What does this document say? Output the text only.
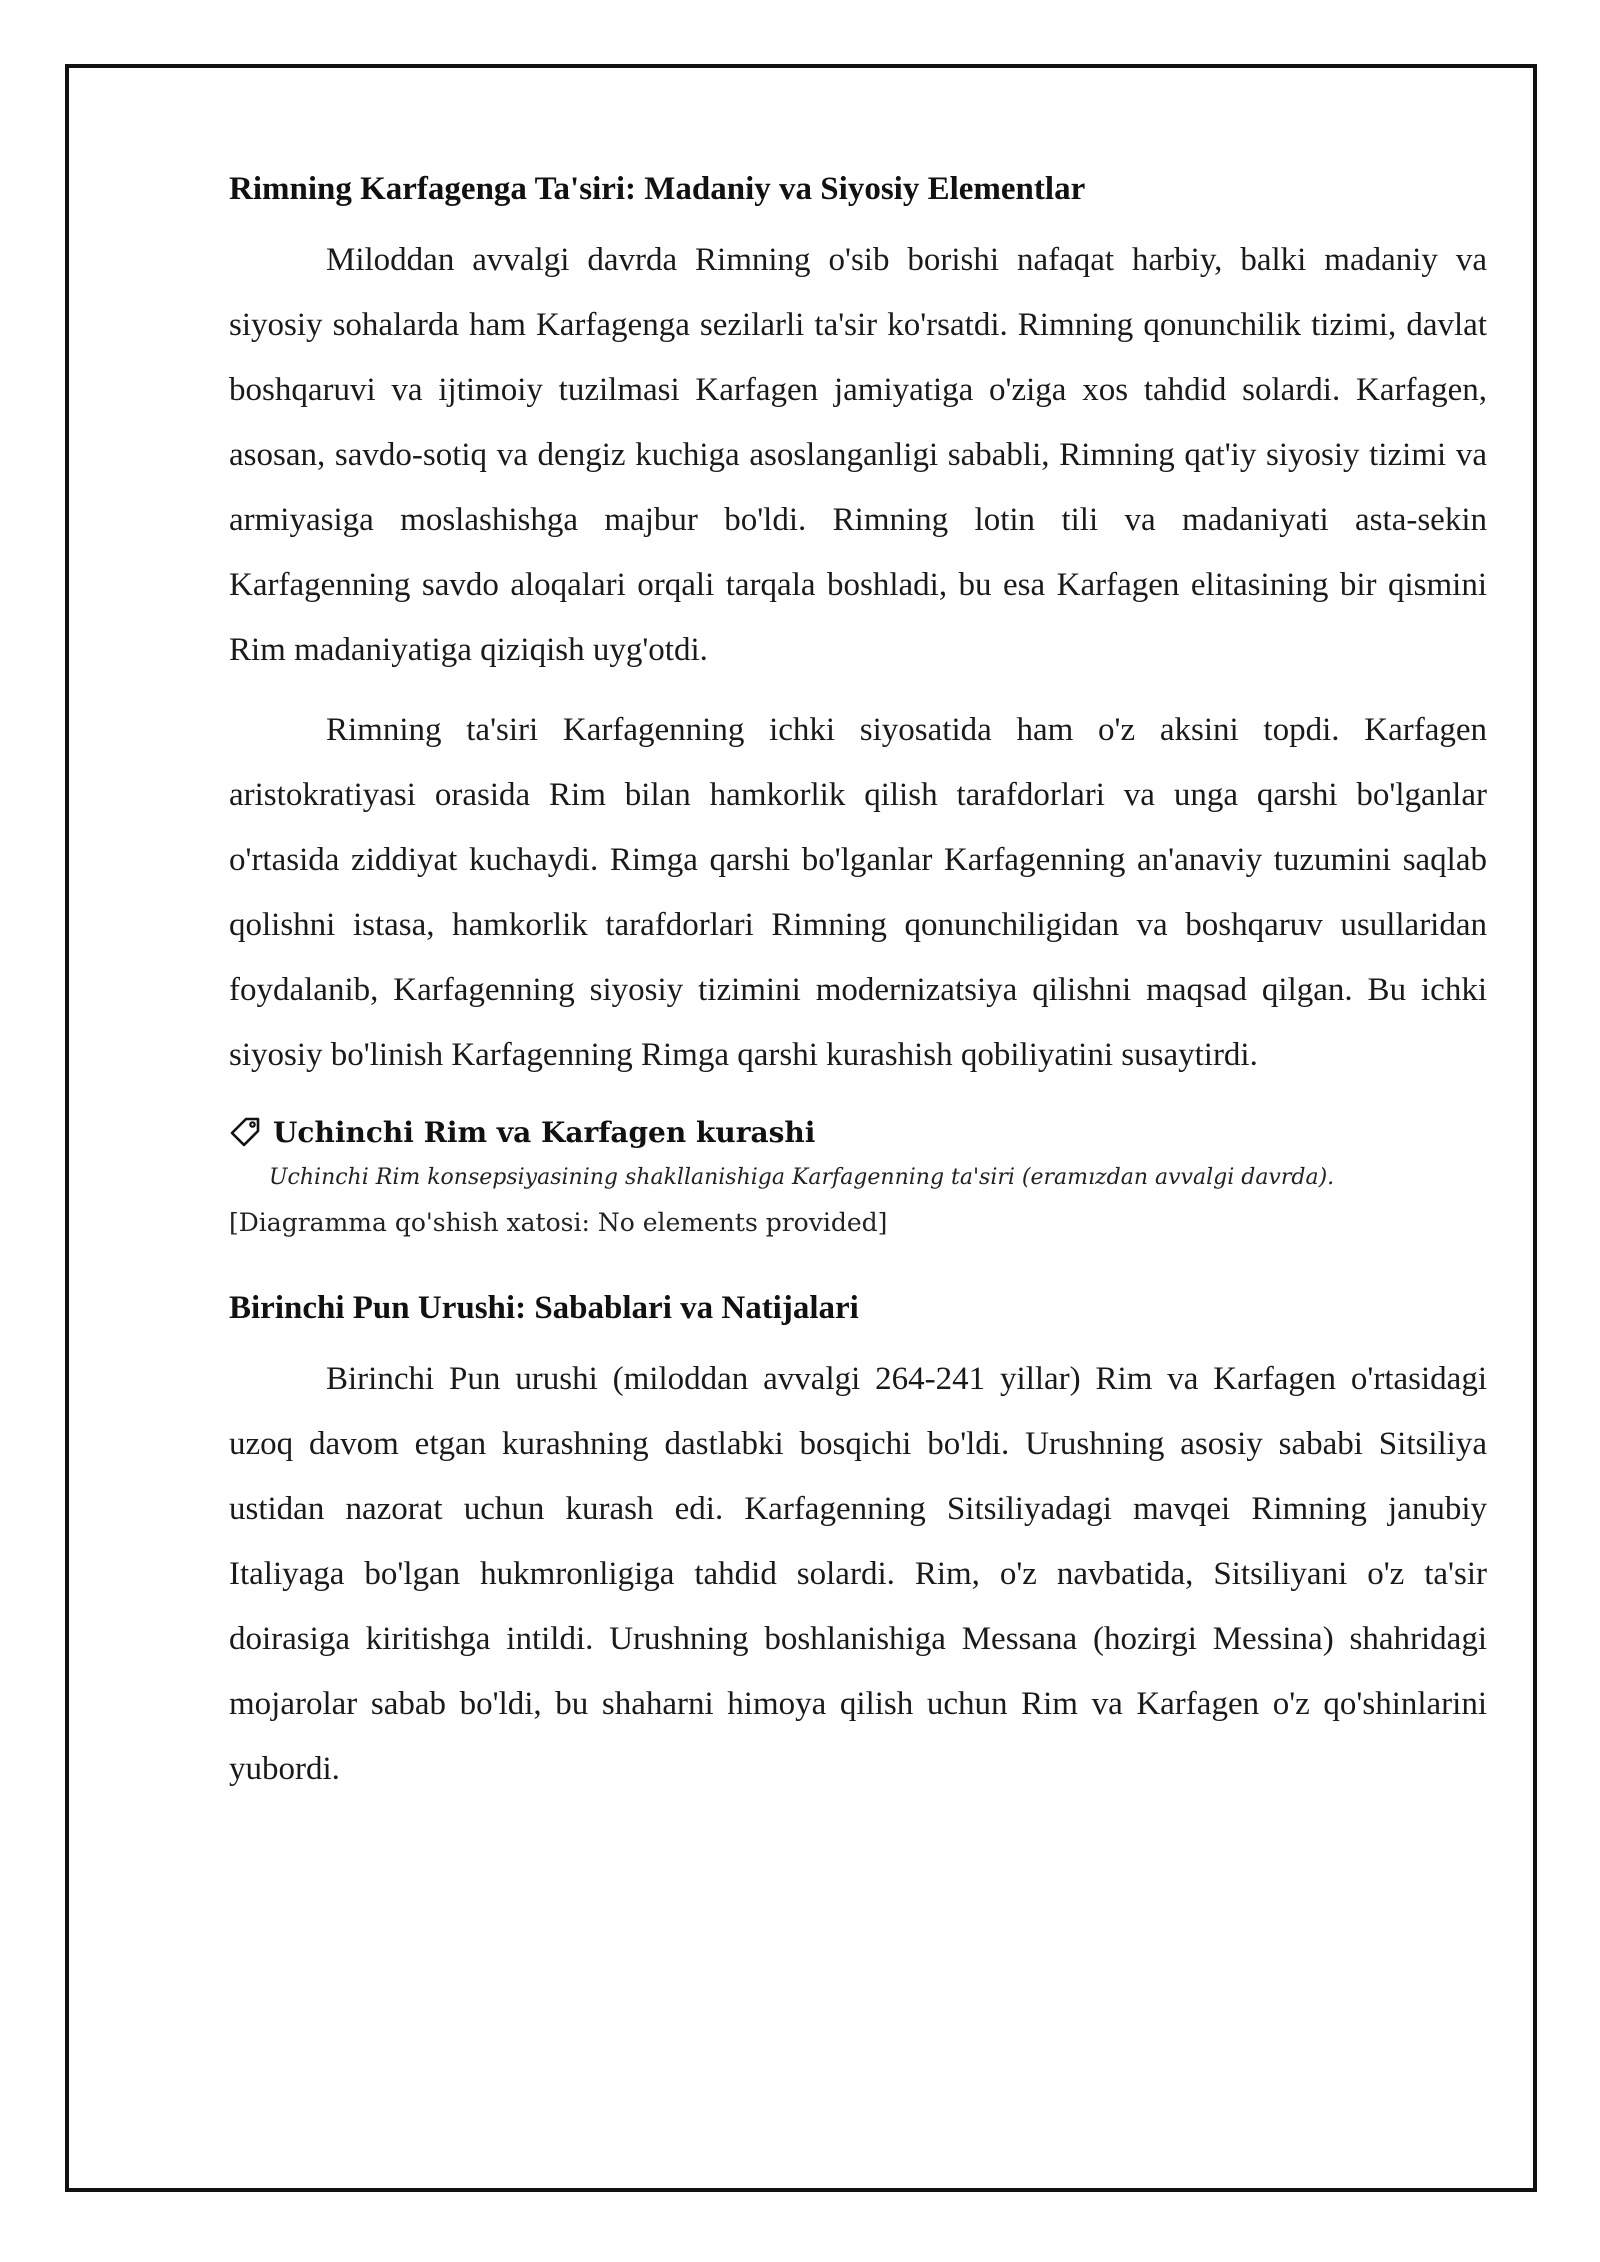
Rimning Karfagenga Ta'siri: Madaniy va Siyosiy Elementlar

Miloddan avvalgi davrda Rimning o'sib borishi nafaqat harbiy, balki madaniy va siyosiy sohalarda ham Karfagenga sezilarli ta'sir ko'rsatdi. Rimning qonunchilik tizimi, davlat boshqaruvi va ijtimoiy tuzilmasi Karfagen jamiyatiga o'ziga xos tahdid solardi. Karfagen, asosan, savdo-sotiq va dengiz kuchiga asoslanganligi sababli, Rimning qat'iy siyosiy tizimi va armiyasiga moslashishga majbur bo'ldi. Rimning lotin tili va madaniyati asta-sekin Karfagenning savdo aloqalari orqali tarqala boshladi, bu esa Karfagen elitasining bir qismini Rim madaniyatiga qiziqish uyg'otdi.

Rimning ta'siri Karfagenning ichki siyosatida ham o'z aksini topdi. Karfagen aristokratiyasi orasida Rim bilan hamkorlik qilish tarafdorlari va unga qarshi bo'lganlar o'rtasida ziddiyat kuchaydi. Rimga qarshi bo'lganlar Karfagenning an'anaviy tuzumini saqlab qolishni istasa, hamkorlik tarafdorlari Rimning qonunchiligidan va boshqaruv usullaridan foydalanib, Karfagenning siyosiy tizimini modernizatsiya qilishni maqsad qilgan. Bu ichki siyosiy bo'linish Karfagenning Rimga qarshi kurashish qobiliyatini susaytirdi.

Uchinchi Rim va Karfagen kurashi
Uchinchi Rim konsepsiyasining shakllanishiga Karfagenning ta'siri (eramızdan avvalgi davrda).
[Diagramma qo'shish xatosi: No elements provided]
Birinchi Pun Urushi: Sabablari va Natijalari

Birinchi Pun urushi (miloddan avvalgi 264-241 yillar) Rim va Karfagen o'rtasidagi uzoq davom etgan kurashning dastlabki bosqichi bo'ldi. Urushning asosiy sababi Sitsiliya ustidan nazorat uchun kurash edi. Karfagenning Sitsiliyadagi mavqei Rimning janubiy Italiyaga bo'lgan hukmronligiga tahdid solardi. Rim, o'z navbatida, Sitsiliyani o'z ta'sir doirasiga kiritishga intildi. Urushning boshlanishiga Messana (hozirgi Messina) shahridagi mojarolar sabab bo'ldi, bu shaharni himoya qilish uchun Rim va Karfagen o'z qo'shinlarini yubordi.
